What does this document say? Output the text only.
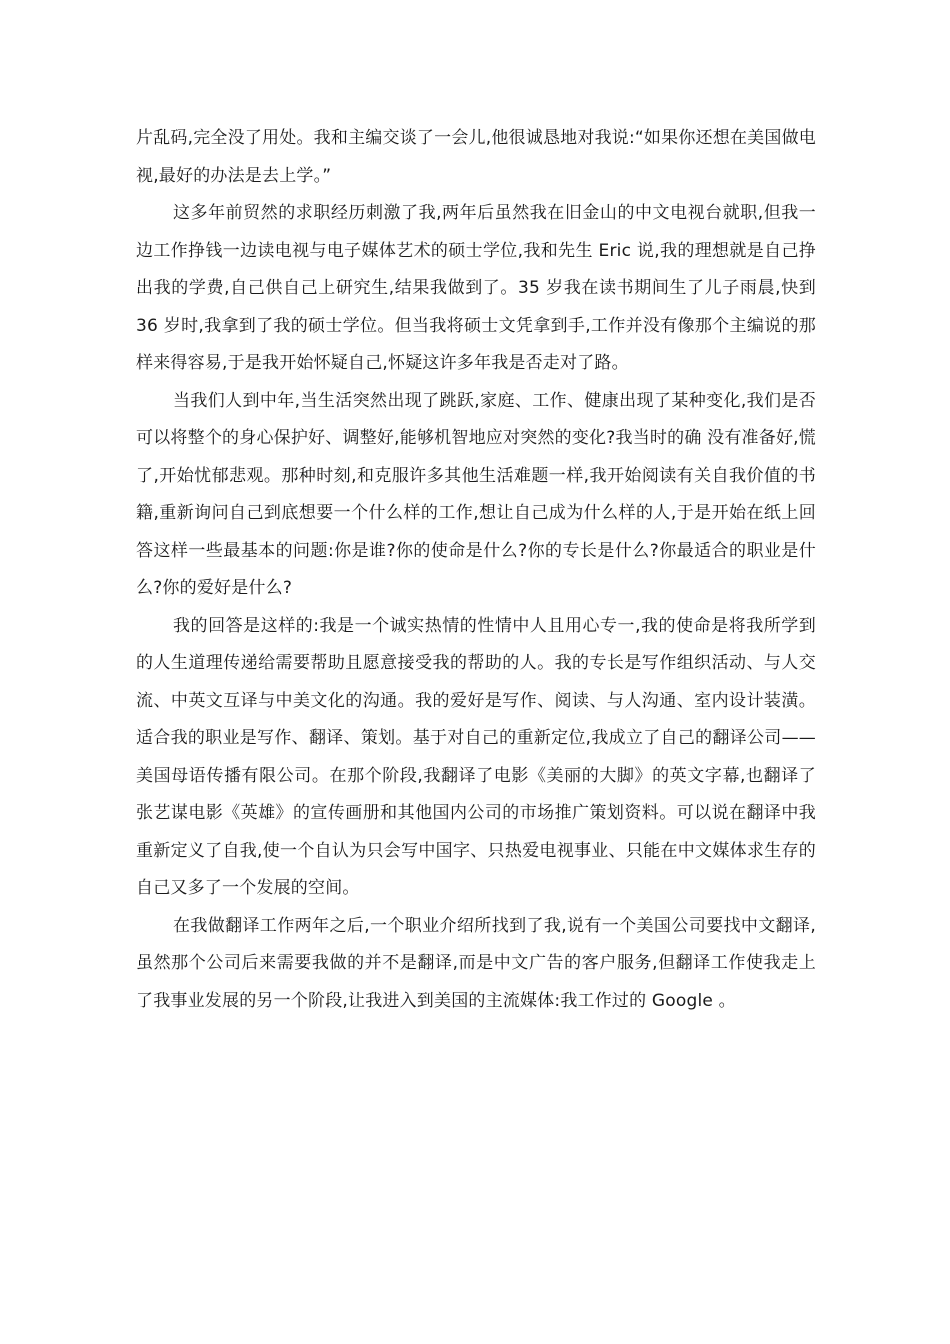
片乱码,完全没了用处。我和主编交谈了一会儿,他很诚恳地对我说:“如果你还想在美国做电视,最好的办法是去上学。”

这多年前贸然的求职经历刺激了我,两年后虽然我在旧金山的中文电视台就职,但我一边工作挣钱一边读电视与电子媒体艺术的硕士学位,我和先生 Eric 说,我的理想就是自己挣出我的学费,自己供自己上研究生,结果我做到了。35 岁我在读书期间生了儿子雨晨,快到 36 岁时,我拿到了我的硕士学位。但当我将硕士文凭拿到手,工作并没有像那个主编说的那样来得容易,于是我开始怀疑自己,怀疑这许多年我是否走对了路。

当我们人到中年,当生活突然出现了跳跃,家庭、工作、健康出现了某种变化,我们是否可以将整个的身心保护好、调整好,能够机智地应对突然的变化?我当时的确 没有准备好,慌了,开始忧郁悲观。那种时刻,和克服许多其他生活难题一样,我开始阅读有关自我价值的书籍,重新询问自己到底想要一个什么样的工作,想让自己成为什么样的人,于是开始在纸上回答这样一些最基本的问题:你是谁?你的使命是什么?你的专长是什么?你最适合的职业是什么?你的爱好是什么?

我的回答是这样的:我是一个诚实热情的性情中人且用心专一,我的使命是将我所学到的人生道理传递给需要帮助且愿意接受我的帮助的人。我的专长是写作组织活动、与人交流、中英文互译与中美文化的沟通。我的爱好是写作、阅读、与人沟通、室内设计装潢。适合我的职业是写作、翻译、策划。基于对自己的重新定位,我成立了自己的翻译公司——美国母语传播有限公司。在那个阶段,我翻译了电影《美丽的大脚》的英文字幕,也翻译了张艺谋电影《英雄》的宣传画册和其他国内公司的市场推广策划资料。可以说在翻译中我重新定义了自我,使一个自认为只会写中国字、只热爱电视事业、只能在中文媒体求生存的自己又多了一个发展的空间。

在我做翻译工作两年之后,一个职业介绍所找到了我,说有一个美国公司要找中文翻译,虽然那个公司后来需要我做的并不是翻译,而是中文广告的客户服务,但翻译工作使我走上了我事业发展的另一个阶段,让我进入到美国的主流媒体:我工作过的 Google 。
